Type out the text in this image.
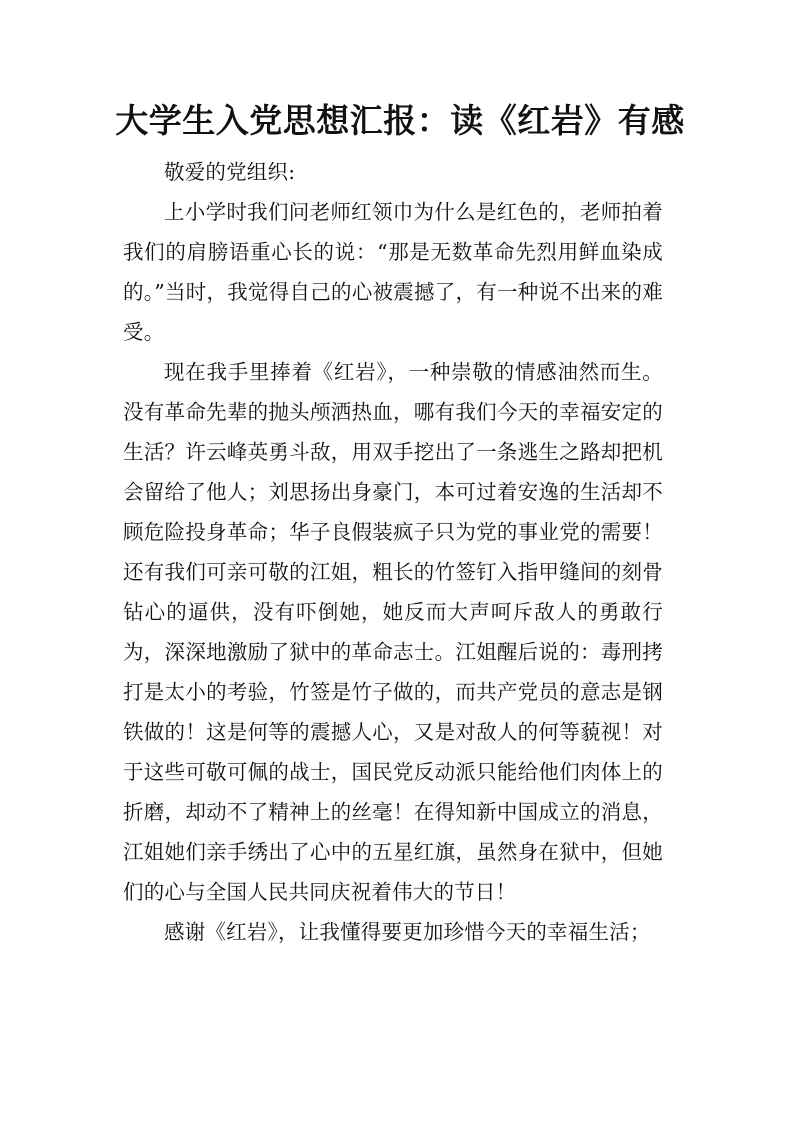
大学生入党思想汇报：读《红岩》有感

敬爱的党组织:

上小学时我们问老师红领巾为什么是红色的，老师拍着我们的肩膀语重心长的说：“那是无数革命先烈用鲜血染成的。”当时，我觉得自己的心被震撼了，有一种说不出来的难受。

现在我手里捧着《红岩》，一种崇敬的情感油然而生。没有革命先辈的抛头颅洒热血，哪有我们今天的幸福安定的生活？许云峰英勇斗敌，用双手挖出了一条逃生之路却把机会留给了他人；刘思扬出身豪门，本可过着安逸的生活却不顾危险投身革命；华子良假装疯子只为党的事业党的需要！还有我们可亲可敬的江姐，粗长的竹签钉入指甲缝间的刻骨钻心的逼供，没有吓倒她，她反而大声呵斥敌人的勇敢行为，深深地激励了狱中的革命志士。江姐醒后说的：毒刑拷打是太小的考验，竹签是竹子做的，而共产党员的意志是钢铁做的！这是何等的震撼人心，又是对敌人的何等藐视！对于这些可敬可佩的战士，国民党反动派只能给他们肉体上的折磨，却动不了精神上的丝毫！在得知新中国成立的消息，江姐她们亲手绣出了心中的五星红旗，虽然身在狱中，但她们的心与全国人民共同庆祝着伟大的节日！

感谢《红岩》，让我懂得要更加珍惜今天的幸福生活；
